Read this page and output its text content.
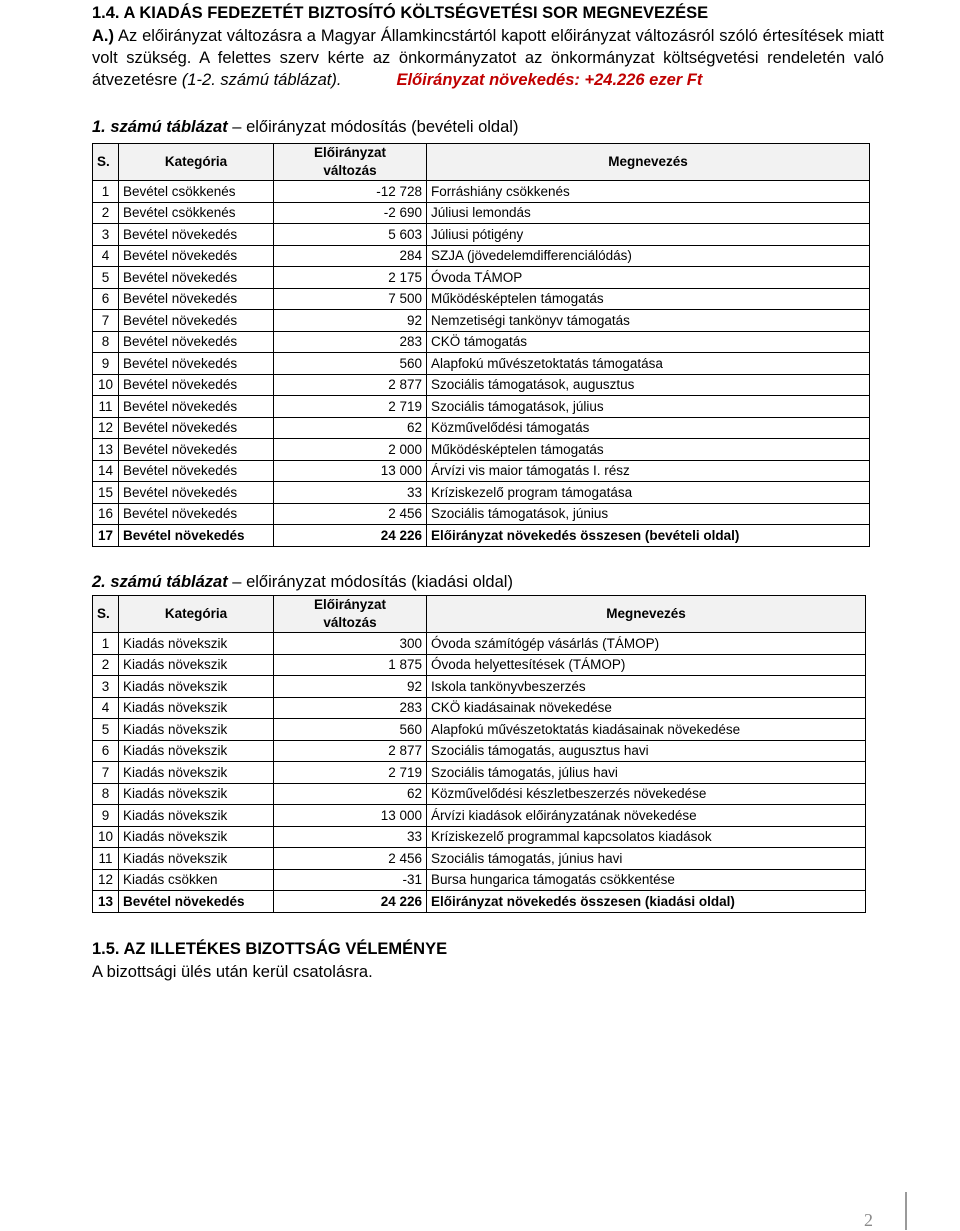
1.4. A KIADÁS FEDEZETÉT BIZTOSÍTÓ KÖLTSÉGVETÉSI SOR MEGNEVEZÉSE

A.) Az előirányzat változásra a Magyar Államkincstártól kapott előirányzat változásról szóló értesítések miatt volt szükség. A felettes szerv kérte az önkormányzatot az önkormányzat költségvetési rendeletén való átvezetésre (1-2. számú táblázat).	Előirányzat növekedés: +24.226 ezer Ft

1. számú táblázat – előirányzat módosítás (bevételi oldal)

S.	Kategória	Előirányzat
változás	Megnevezés
1	Bevétel csökkenés	-12 728	Forráshiány csökkenés
2	Bevétel csökkenés	-2 690	Júliusi lemondás
3	Bevétel növekedés	5 603	Júliusi pótigény
4	Bevétel növekedés	284	SZJA (jövedelemdifferenciálódás)
5	Bevétel növekedés	2 175	Óvoda TÁMOP
6	Bevétel növekedés	7 500	Működésképtelen támogatás
7	Bevétel növekedés	92	Nemzetiségi tankönyv támogatás
8	Bevétel növekedés	283	CKÖ támogatás
9	Bevétel növekedés	560	Alapfokú művészetoktatás támogatása
10	Bevétel növekedés	2 877	Szociális támogatások, augusztus
11	Bevétel növekedés	2 719	Szociális támogatások, július
12	Bevétel növekedés	62	Közművelődési támogatás
13	Bevétel növekedés	2 000	Működésképtelen támogatás
14	Bevétel növekedés	13 000	Árvízi vis maior támogatás I. rész
15	Bevétel növekedés	33	Krízisk​ezelő program támogatása
16	Bevétel növekedés	2 456	Szociális támogatások, június
17	Bevétel növekedés	24 226	Előirányzat növekedés összesen (bevételi oldal)

2. számú táblázat – előirányzat módosítás (kiadási oldal)

S.	Kategória	Előirányzat
változás	Megnevezés
1	Kiadás növekszik	300	Óvoda számítógép vásárlás (TÁMOP)
2	Kiadás növekszik	1 875	Óvoda helyettesítések (TÁMOP)
3	Kiadás növekszik	92	Iskola tankönyvbeszerzés
4	Kiadás növekszik	283	CKÖ kiadásainak növekedése
5	Kiadás növekszik	560	Alapfokú művészetoktatás kiadásainak növekedése
6	Kiadás növekszik	2 877	Szociális támogatás, augusztus havi
7	Kiadás növekszik	2 719	Szociális támogatás, július havi
8	Kiadás növekszik	62	Közművelődési készletbeszerzés növekedése
9	Kiadás növekszik	13 000	Árvízi kiadások előirányzatának növekedése
10	Kiadás növekszik	33	Krízisk​ezelő programmal kapcsolatos kiadások
11	Kiadás növekszik	2 456	Szociális támogatás, június havi
12	Kiadás csökken	-31	Bursa hungarica támogatás csökkentése
13	Bevétel növekedés	24 226	Előirányzat növekedés összesen (kiadási oldal)
1.5. AZ ILLETÉKES BIZOTTSÁG VÉLEMÉNYE

A bizottsági ülés után kerül csatolásra.

2
